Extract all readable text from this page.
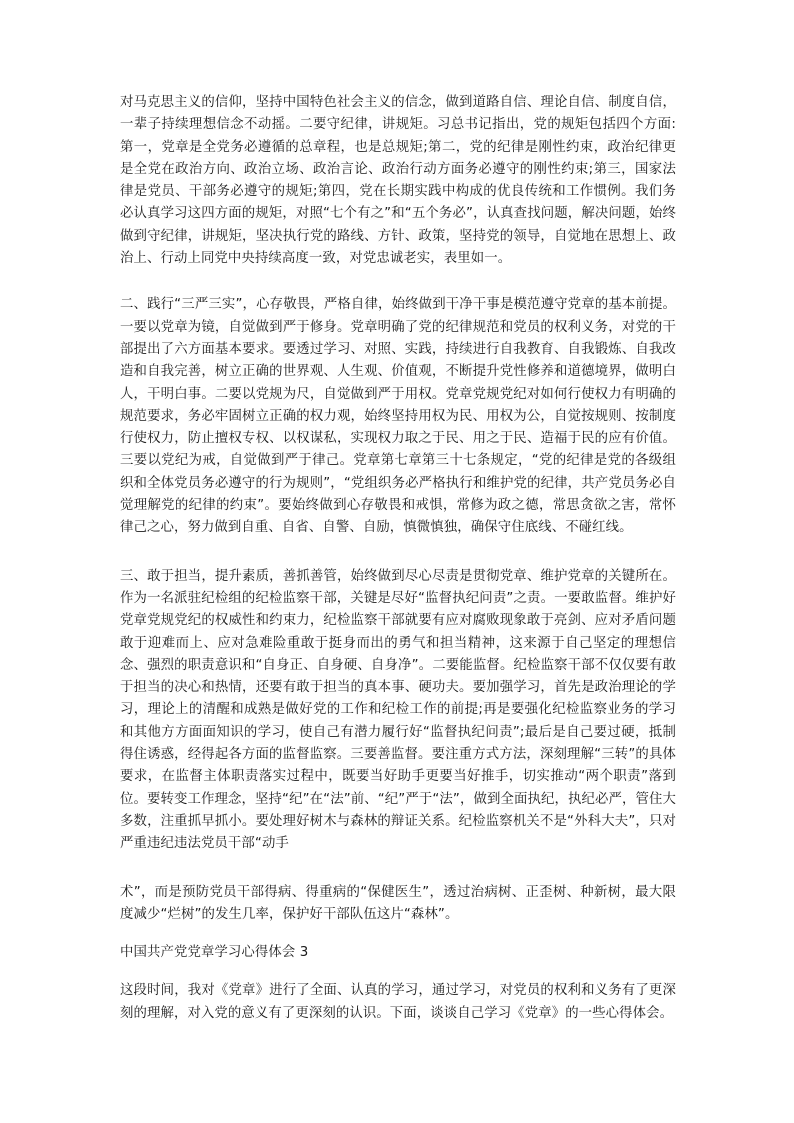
对马克思主义的信仰，坚持中国特色社会主义的信念，做到道路自信、理论自信、制度自信，一辈子持续理想信念不动摇。二要守纪律，讲规矩。习总书记指出，党的规矩包括四个方面:第一，党章是全党务必遵循的总章程，也是总规矩;第二，党的纪律是刚性约束，政治纪律更是全党在政治方向、政治立场、政治言论、政治行动方面务必遵守的刚性约束;第三，国家法律是党员、干部务必遵守的规矩;第四，党在长期实践中构成的优良传统和工作惯例。我们务必认真学习这四方面的规矩，对照“七个有之”和“五个务必”，认真查找问题，解决问题，始终做到守纪律，讲规矩，坚决执行党的路线、方针、政策，坚持党的领导，自觉地在思想上、政治上、行动上同党中央持续高度一致，对党忠诚老实，表里如一。

二、践行“三严三实”，心存敬畏，严格自律，始终做到干净干事是模范遵守党章的基本前提。一要以党章为镜，自觉做到严于修身。党章明确了党的纪律规范和党员的权利义务，对党的干部提出了六方面基本要求。要透过学习、对照、实践，持续进行自我教育、自我锻炼、自我改造和自我完善，树立正确的世界观、人生观、价值观，不断提升党性修养和道德境界，做明白人，干明白事。二要以党规为尺，自觉做到严于用权。党章党规党纪对如何行使权力有明确的规范要求，务必牢固树立正确的权力观，始终坚持用权为民、用权为公，自觉按规则、按制度行使权力，防止擅权专权、以权谋私，实现权力取之于民、用之于民、造福于民的应有价值。三要以党纪为戒，自觉做到严于律己。党章第七章第三十七条规定，“党的纪律是党的各级组织和全体党员务必遵守的行为规则”，“党组织务必严格执行和维护党的纪律，共产党员务必自觉理解党的纪律的约束”。要始终做到心存敬畏和戒惧，常修为政之德，常思贪欲之害，常怀律己之心，努力做到自重、自省、自警、自励，慎微慎独，确保守住底线、不碰红线。

三、敢于担当，提升素质，善抓善管，始终做到尽心尽责是贯彻党章、维护党章的关键所在。作为一名派驻纪检组的纪检监察干部，关键是尽好“监督执纪问责”之责。一要敢监督。维护好党章党规党纪的权威性和约束力，纪检监察干部就要有应对腐败现象敢于亮剑、应对矛盾问题敢于迎难而上、应对急难险重敢于挺身而出的勇气和担当精神，这来源于自己坚定的理想信念、强烈的职责意识和“自身正、自身硬、自身净”。二要能监督。纪检监察干部不仅仅要有敢于担当的决心和热情，还要有敢于担当的真本事、硬功夫。要加强学习，首先是政治理论的学习，理论上的清醒和成熟是做好党的工作和纪检工作的前提;再是要强化纪检监察业务的学习和其他方方面面知识的学习，使自己有潜力履行好“监督执纪问责”;最后是自己要过硬，抵制得住诱惑，经得起各方面的监督监察。三要善监督。要注重方式方法，深刻理解“三转”的具体要求，在监督主体职责落实过程中，既要当好助手更要当好推手，切实推动“两个职责”落到位。要转变工作理念，坚持“纪”在“法”前、“纪”严于“法”，做到全面执纪，执纪必严，管住大多数，注重抓早抓小。要处理好树木与森林的辩证关系。纪检监察机关不是“外科大夫”，只对严重违纪违法党员干部“动手

术”，而是预防党员干部得病、得重病的“保健医生”，透过治病树、正歪树、种新树，最大限度减少“烂树”的发生几率，保护好干部队伍这片“森林”。

中国共产党党章学习心得体会 3

这段时间，我对《党章》进行了全面、认真的学习，通过学习，对党员的权利和义务有了更深刻的理解，对入党的意义有了更深刻的认识。下面，谈谈自己学习《党章》的一些心得体会。
